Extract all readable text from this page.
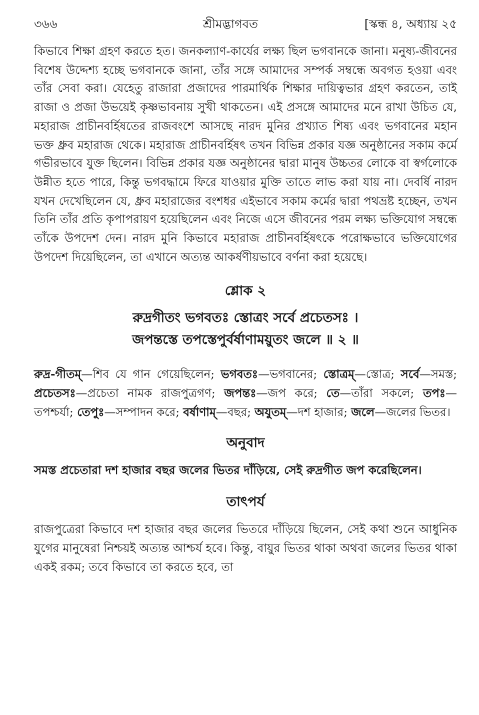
৩৬৬	শ্রীমদ্ভাগবত	[স্কন্ধ ৪, অধ্যায় ২৫

কিভাবে শিক্ষা গ্রহণ করতে হত। জনকল্যাণ-কার্যের লক্ষ্য ছিল ভগবানকে জানা। মনুষ্য-জীবনের বিশেষ উদ্দেশ্য হচ্ছে ভগবানকে জানা, তাঁর সঙ্গে আমাদের সম্পর্ক সম্বন্ধে অবগত হওয়া এবং তাঁর সেবা করা। যেহেতু রাজারা প্রজাদের পারমার্থিক শিক্ষার দায়িত্বভার গ্রহণ করতেন, তাই রাজা ও প্রজা উভয়েই কৃষ্ণভাবনায় সুখী থাকতেন। এই প্রসঙ্গে আমাদের মনে রাখা উচিত যে, মহারাজ প্রাচীনবর্হিষতের রাজবংশে আসছে নারদ মুনির প্রখ্যাত শিষ্য এবং ভগবানের মহান ভক্ত ধ্রুব মহারাজ থেকে। মহারাজ প্রাচীনবর্হিষৎ তখন বিভিন্ন প্রকার যজ্ঞ অনুষ্ঠানের সকাম কর্মে গভীরভাবে যুক্ত ছিলেন। বিভিন্ন প্রকার যজ্ঞ অনুষ্ঠানের দ্বারা মানুষ উচ্চতর লোকে বা স্বর্গলোকে উন্নীত হতে পারে, কিন্তু ভগবদ্ধামে ফিরে যাওয়ার মুক্তি তাতে লাভ করা যায় না। দেবর্ষি নারদ যখন দেখেছিলেন যে, ধ্রুব মহারাজের বংশধর এইভাবে সকাম কর্মের দ্বারা পথভ্রষ্ট হচ্ছেন, তখন তিনি তাঁর প্রতি কৃপাপরায়ণ হয়েছিলেন এবং নিজে এসে জীবনের পরম লক্ষ্য ভক্তিযোগ সম্বন্ধে তাঁকে উপদেশ দেন। নারদ মুনি কিভাবে মহারাজ প্রাচীনবর্হিষৎকে পরোক্ষভাবে ভক্তিযোগের উপদেশ দিয়েছিলেন, তা এখানে অত্যন্ত আকর্ষণীয়ভাবে বর্ণনা করা হয়েছে।

শ্লোক ২

রুদ্রগীতং ভগবতঃ স্তোত্রং সর্বে প্রচেতসঃ ।

জপন্তস্তে তপস্তেপুর্বর্ষাণাময়ুতং জলে ॥ ২ ॥

রুদ্র-গীতম্—শিব যে গান গেয়েছিলেন; ভগবতঃ—ভগবানের; স্তোত্রম্—স্তোত্র; সর্বে—সমস্ত; প্রচেতসঃ—প্রচেতা নামক রাজপুত্রগণ; জপন্তঃ—জপ করে; তে—তাঁরা সকলে; তপঃ—তপশ্চর্যা; তেপুঃ—সম্পাদন করে; বর্ষাণাম্—বছর; অযুতম্—দশ হাজার; জলে—জলের ভিতর।

অনুবাদ

সমস্ত প্রচেতারা দশ হাজার বছর জলের ভিতর দাঁড়িয়ে, সেই রুদ্রগীত জপ করেছিলেন।

তাৎপর্য

রাজপুত্রেরা কিভাবে দশ হাজার বছর জলের ভিতরে দাঁড়িয়ে ছিলেন, সেই কথা শুনে আধুনিক যুগের মানুষেরা নিশ্চয়ই অত্যন্ত আশ্চর্য হবে। কিন্তু, বায়ুর ভিতর থাকা অথবা জলের ভিতর থাকা একই রকম; তবে কিভাবে তা করতে হবে, তা
